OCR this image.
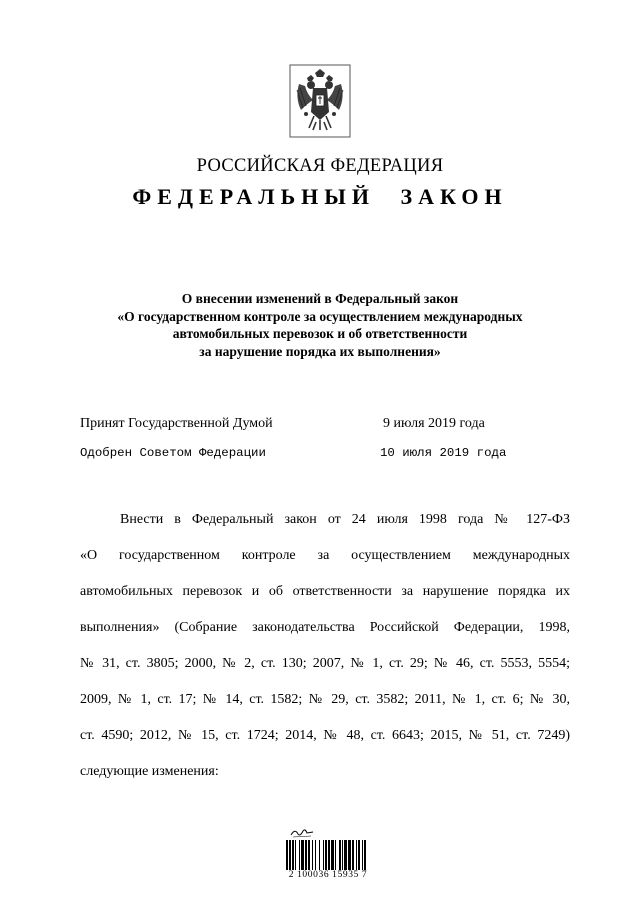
РОССИЙСКАЯ ФЕДЕРАЦИЯ
ФЕДЕРАЛЬНЫЙ ЗАКОН
О внесении изменений в Федеральный закон
«О государственном контроле за осуществлением международных
автомобильных перевозок и об ответственности
за нарушение порядка их выполнения»
Принят Государственной Думой	9 июля 2019 года
Одобрен Советом Федерации	10 июля 2019 года
Внести в Федеральный закон от 24 июля 1998 года № 127-ФЗ
«О государственном контроле за осуществлением международных
автомобильных перевозок и об ответственности за нарушение порядка их
выполнения» (Собрание законодательства Российской Федерации, 1998,
№ 31, ст. 3805; 2000, № 2, ст. 130; 2007, № 1, ст. 29; № 46, ст. 5553, 5554;
2009, № 1, ст. 17; № 14, ст. 1582; № 29, ст. 3582; 2011, № 1, ст. 6; № 30,
ст. 4590; 2012, № 15, ст. 1724; 2014, № 48, ст. 6643; 2015, № 51, ст. 7249)
следующие изменения:
2 100036 15935 7
